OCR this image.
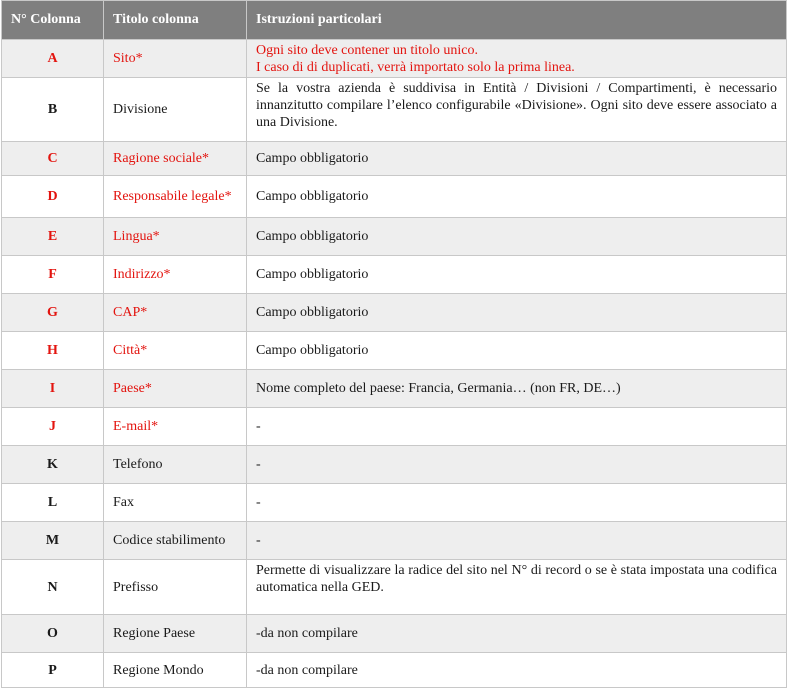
N° Colonna	Titolo colonna	Istruzioni particolari
A	Sito*	Ogni sito deve contener un titolo unico.
I caso di di duplicati, verrà importato solo la prima linea.
B	Divisione	Se la vostra azienda è suddivisa in Entità / Divisioni / Compartimenti, è necessario innanzitutto compilare l’elenco configurabile «Divisione». Ogni sito deve essere associato a una Divisione.
C	Ragione sociale*	Campo obbligatorio
D	Responsabile legale*	Campo obbligatorio
E	Lingua*	Campo obbligatorio
F	Indirizzo*	Campo obbligatorio
G	CAP*	Campo obbligatorio
H	Città*	Campo obbligatorio
I	Paese*	Nome completo del paese: Francia, Germania… (non FR, DE…)
J	E-mail*	-
K	Telefono	-
L	Fax	-
M	Codice stabilimento	-
N	Prefisso	Permette di visualizzare la radice del sito nel N° di record o se è stata impostata una codifica automatica nella GED.
O	Regione Paese	-da non compilare
P	Regione Mondo	-da non compilare
